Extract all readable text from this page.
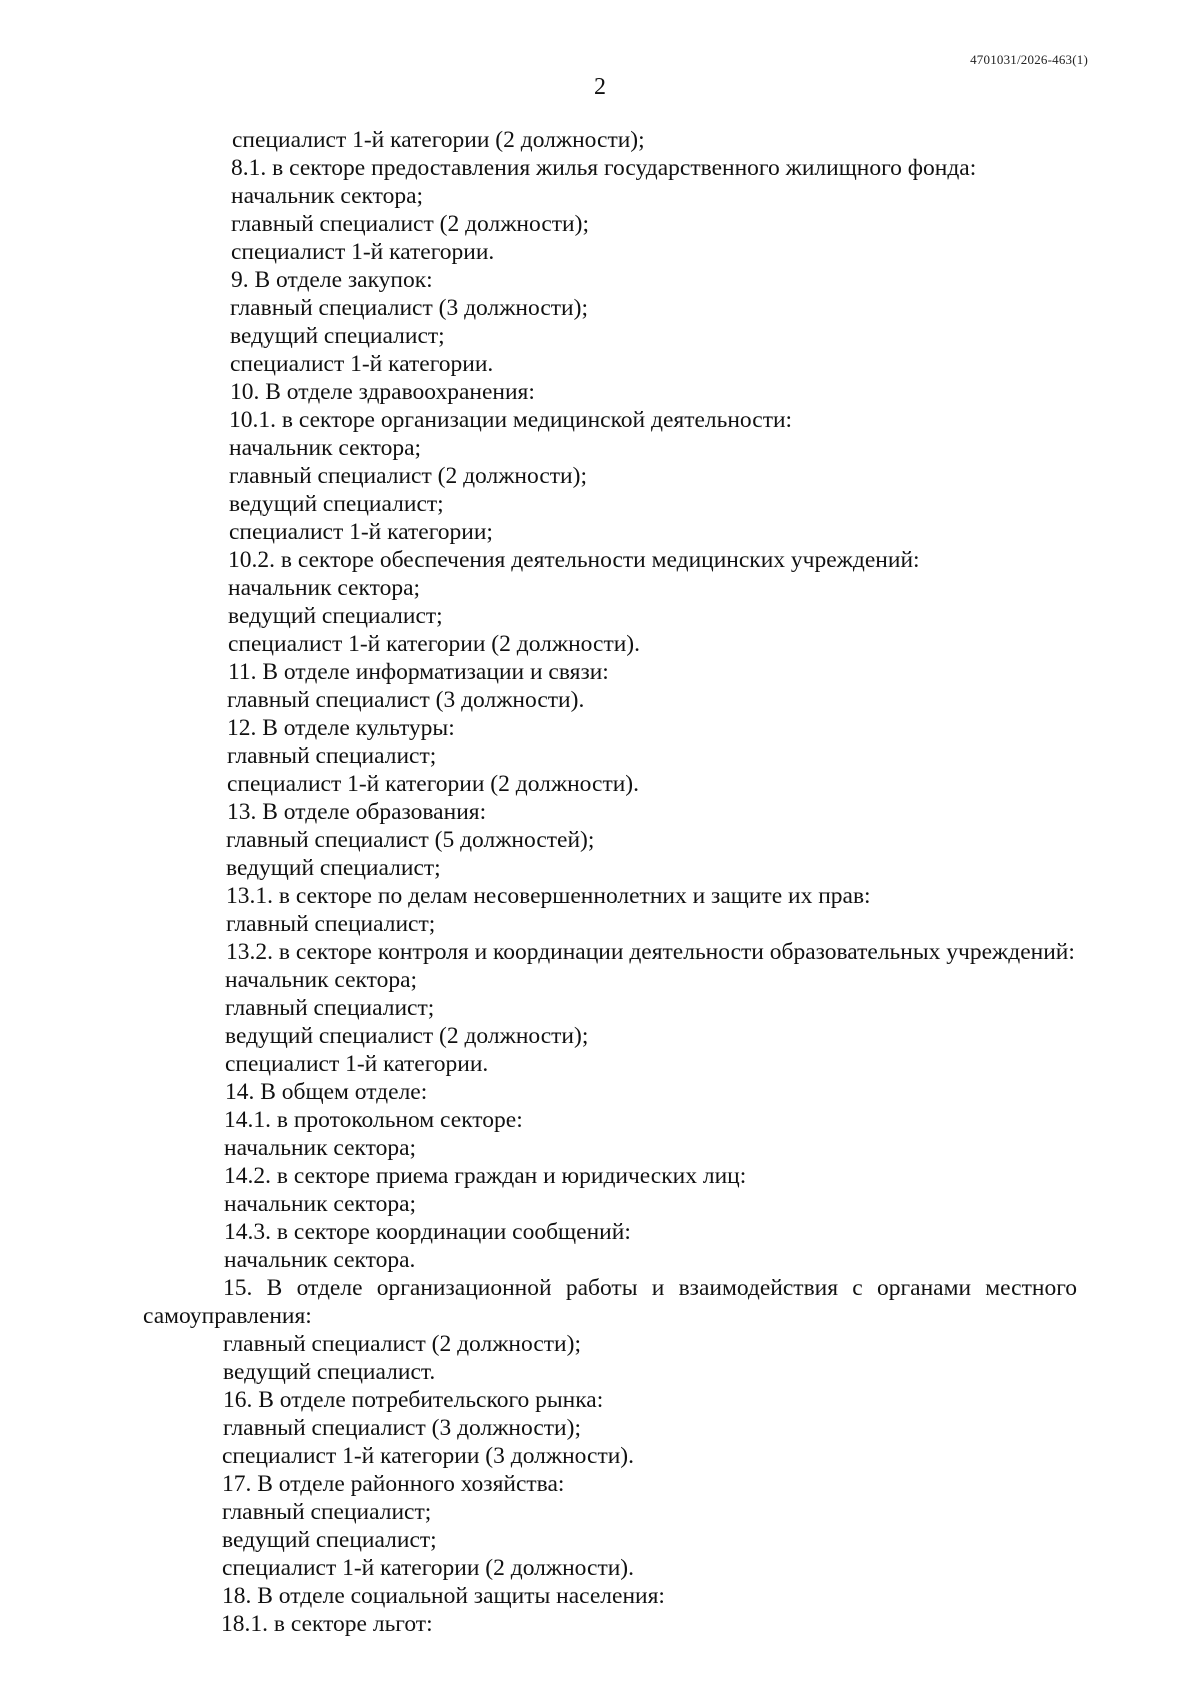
4701031/2026-463(1)
2
специалист 1-й категории (2 должности);
8.1. в секторе предоставления жилья государственного жилищного фонда:
начальник сектора;
главный специалист (2 должности);
специалист 1-й категории.
9. В отделе закупок:
главный специалист (3 должности);
ведущий специалист;
специалист 1-й категории.
10. В отделе здравоохранения:
10.1. в секторе организации медицинской деятельности:
начальник сектора;
главный специалист (2 должности);
ведущий специалист;
специалист 1-й категории;
10.2. в секторе обеспечения деятельности медицинских учреждений:
начальник сектора;
ведущий специалист;
специалист 1-й категории (2 должности).
11. В отделе информатизации и связи:
главный специалист (3 должности).
12. В отделе культуры:
главный специалист;
специалист 1-й категории (2 должности).
13. В отделе образования:
главный специалист (5 должностей);
ведущий специалист;
13.1. в секторе по делам несовершеннолетних и защите их прав:
главный специалист;
13.2. в секторе контроля и координации деятельности образовательных учреждений:
начальник сектора;
главный специалист;
ведущий специалист (2 должности);
специалист 1-й категории.
14. В общем отделе:
14.1. в протокольном секторе:
начальник сектора;
14.2. в секторе приема граждан и юридических лиц:
начальник сектора;
14.3. в секторе координации сообщений:
начальник сектора.
15. В отделе организационной работы и взаимодействия с органами местного
самоуправления:
главный специалист (2 должности);
ведущий специалист.
16. В отделе потребительского рынка:
главный специалист (3 должности);
специалист 1-й категории (3 должности).
17. В отделе районного хозяйства:
главный специалист;
ведущий специалист;
специалист 1-й категории (2 должности).
18. В отделе социальной защиты населения:
18.1. в секторе льгот:
